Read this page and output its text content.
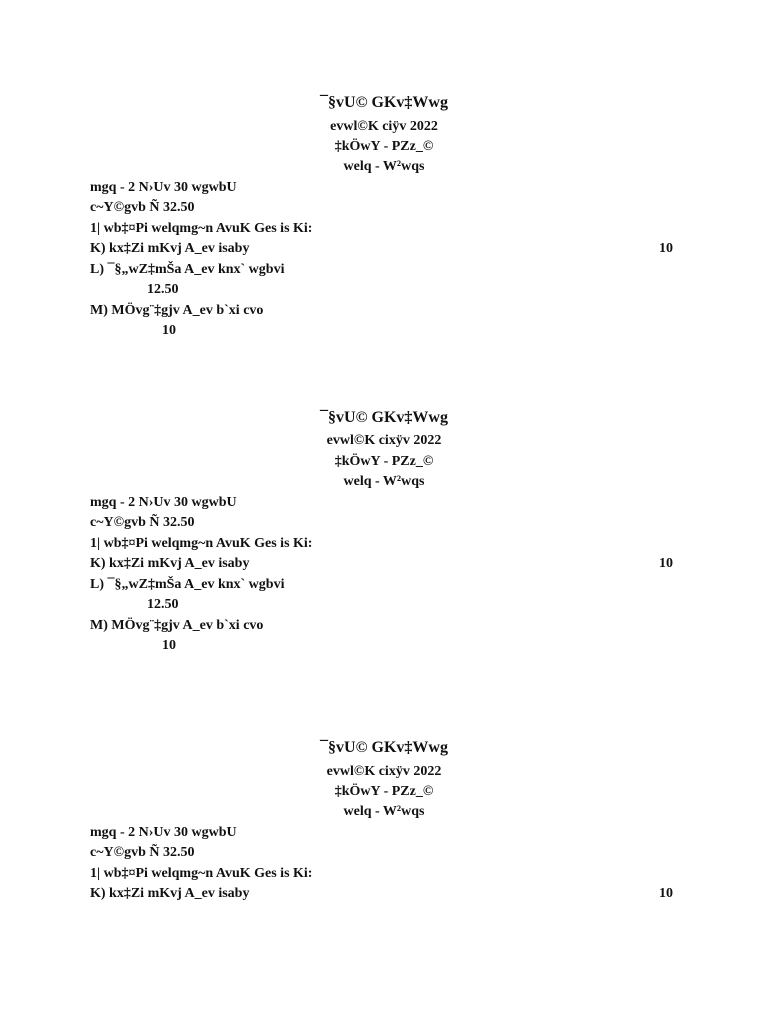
¯§vU© GKv‡Wwg
evwl©K ciÿv 2022
‡kÖwY - PZz_©
welq - W²wqs
mgq - 2 N›Uv 30 wgwbU
c~Y©gvb Ñ 32.50
1| wb‡¤Pi welqmg~n AvuK Ges is Ki:
K) kx‡Zi mKvj A_ev isaby	10
L) ¯§„wZ‡mŠa A_ev knx` wgbvi
12.50
M) MÖvg¨‡gjv A_ev b`xi cvo
10
¯§vU© GKv‡Wwg
evwl©K cixÿv 2022
‡kÖwY - PZz_©
welq - W²wqs
mgq - 2 N›Uv 30 wgwbU
c~Y©gvb Ñ 32.50
1| wb‡¤Pi welqmg~n AvuK Ges is Ki:
K) kx‡Zi mKvj A_ev isaby	10
L) ¯§„wZ‡mŠa A_ev knx` wgbvi
12.50
M) MÖvg¨‡gjv A_ev b`xi cvo
10
¯§vU© GKv‡Wwg
evwl©K cixÿv 2022
‡kÖwY - PZz_©
welq - W²wqs
mgq - 2 N›Uv 30 wgwbU
c~Y©gvb Ñ 32.50
1| wb‡¤Pi welqmg~n AvuK Ges is Ki:
K) kx‡Zi mKvj A_ev isaby	10
